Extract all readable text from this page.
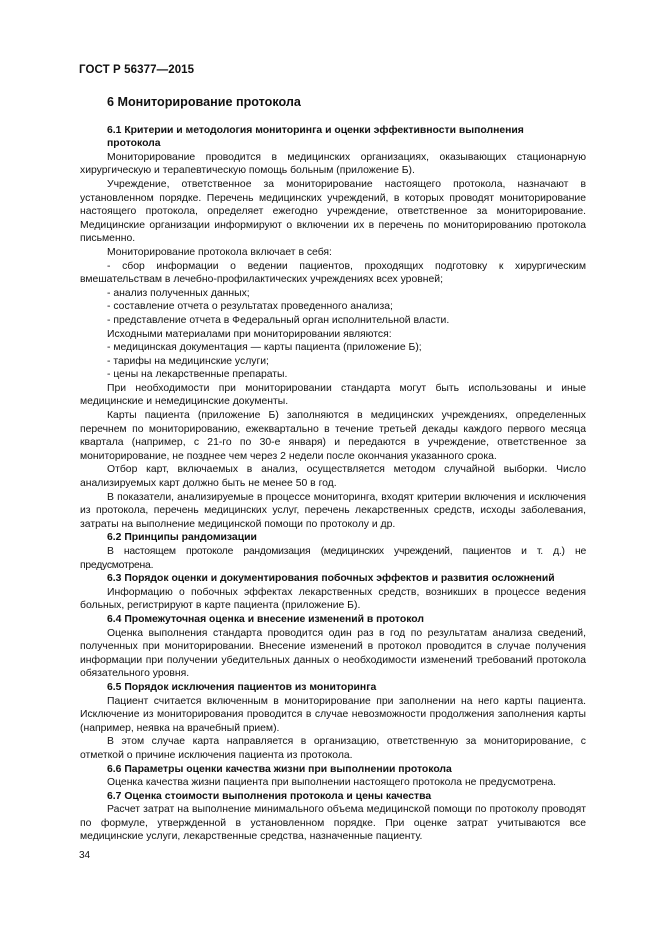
ГОСТ Р 56377—2015
6 Мониторирование протокола

6.1 Критерии и методология мониторинга и оценки эффективности выполнения

протокола

Мониторирование проводится в медицинских организациях, оказывающих стационарную хирургическую и терапевтическую помощь больным (приложение Б).

Учреждение, ответственное за мониторирование настоящего протокола, назначают в установленном порядке. Перечень медицинских учреждений, в которых проводят мониторирование настоящего протокола, определяет ежегодно учреждение, ответственное за мониторирование. Медицинские организации информируют о включении их в перечень по мониторированию протокола письменно.

Мониторирование протокола включает в себя:

- сбор информации о ведении пациентов, проходящих подготовку к хирургическим вмешательствам в лечебно-профилактических учреждениях всех уровней;

- анализ полученных данных;

- составление отчета о результатах проведенного анализа;

- представление отчета в Федеральный орган исполнительной власти.

Исходными материалами при мониторировании являются:

- медицинская документация — карты пациента (приложение Б);

- тарифы на медицинские услуги;

- цены на лекарственные препараты.

При необходимости при мониторировании стандарта могут быть использованы и иные медицинские и немедицинские документы.

Карты пациента (приложение Б) заполняются в медицинских учреждениях, определенных перечнем по мониторированию, ежеквартально в течение третьей декады каждого первого месяца квартала (например, с 21-го по 30-е января) и передаются в учреждение, ответственное за мониторирование, не позднее чем через 2 недели после окончания указанного срока.

Отбор карт, включаемых в анализ, осуществляется методом случайной выборки. Число анализируемых карт должно быть не менее 50 в год.

В показатели, анализируемые в процессе мониторинга, входят критерии включения и исключения из протокола, перечень медицинских услуг, перечень лекарственных средств, исходы заболевания, затраты на выполнение медицинской помощи по протоколу и др.

6.2 Принципы рандомизации

В настоящем протоколе рандомизация (медицинских учреждений, пациентов и т. д.) не предусмотрена.

6.3 Порядок оценки и документирования побочных эффектов и развития осложнений

Информацию о побочных эффектах лекарственных средств, возникших в процессе ведения больных, регистрируют в карте пациента (приложение Б).

6.4 Промежуточная оценка и внесение изменений в протокол

Оценка выполнения стандарта проводится один раз в год по результатам анализа сведений, полученных при мониторировании. Внесение изменений в протокол проводится в случае получения информации при получении убедительных данных о необходимости изменений требований протокола обязательного уровня.

6.5 Порядок исключения пациентов из мониторинга

Пациент считается включенным в мониторирование при заполнении на него карты пациента. Исключение из мониторирования проводится в случае невозможности продолжения заполнения карты (например, неявка на врачебный прием).

В этом случае карта направляется в организацию, ответственную за мониторирование, с отметкой о причине исключения пациента из протокола.

6.6 Параметры оценки качества жизни при выполнении протокола

Оценка качества жизни пациента при выполнении настоящего протокола не предусмотрена.

6.7 Оценка стоимости выполнения протокола и цены качества

Расчет затрат на выполнение минимального объема медицинской помощи по протоколу проводят по формуле, утвержденной в установленном порядке. При оценке затрат учитываются все медицинские услуги, лекарственные средства, назначенные пациенту.

34
